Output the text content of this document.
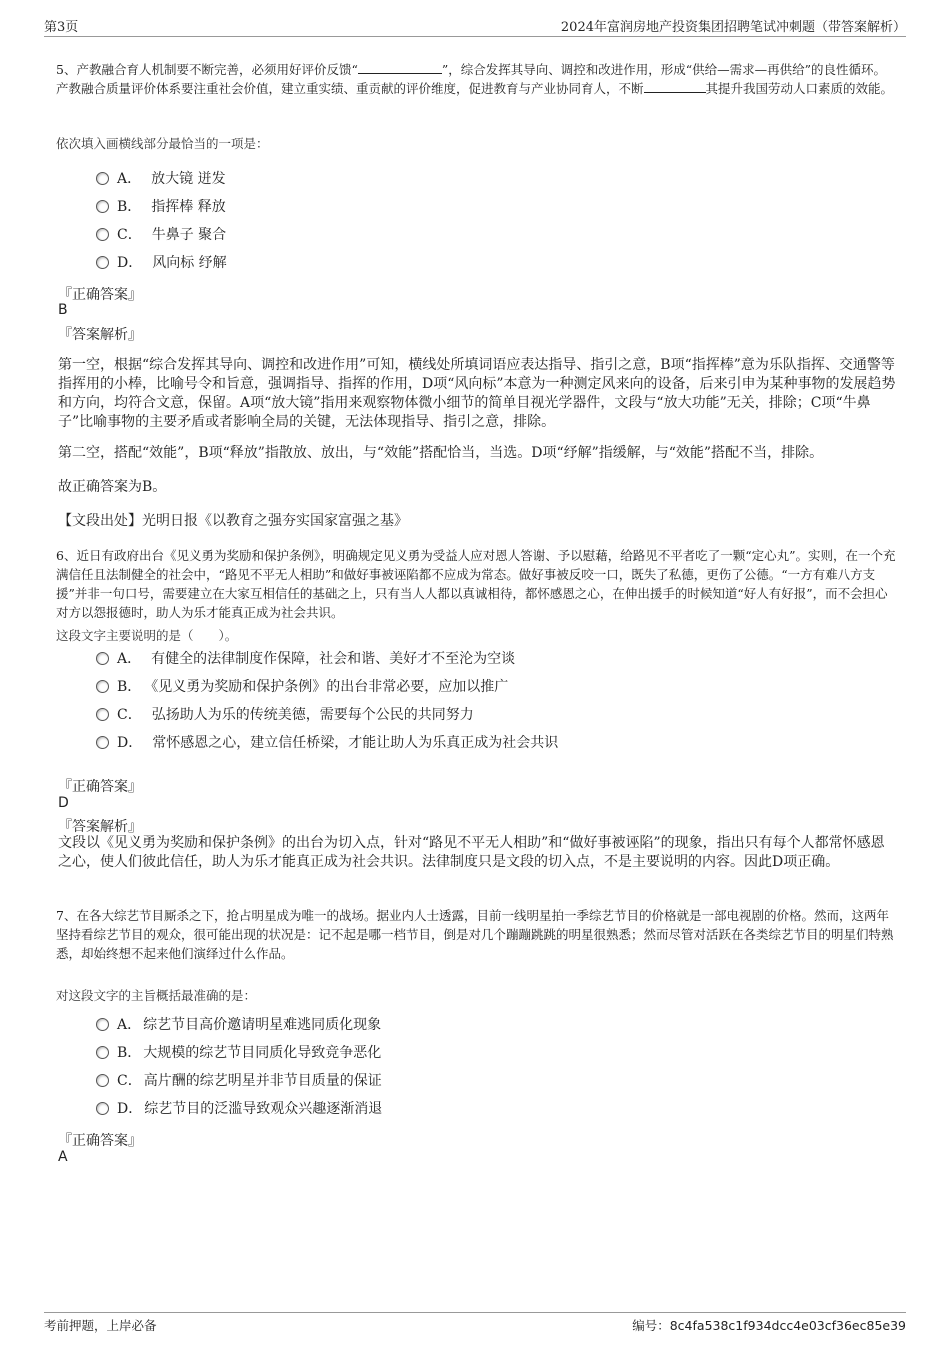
第3页	2024年富润房地产投资集团招聘笔试冲刺题（带答案解析）
5、产教融合育人机制要不断完善，必须用好评价反馈“	”，综合发挥其导向、调控和改进作用，形成“供给—需求—再供给”的良性循环。产教融合质量评价体系要注重社会价值，建立重实绩、重贡献的评价维度，促进教育与产业协同育人，不断	其提升我国劳动人口素质的效能。
依次填入画横线部分最恰当的一项是：
A． 放大镜 迸发
B． 指挥棒 释放
C． 牛鼻子 聚合
D． 风向标 纾解
『正确答案』
B
『答案解析』
第一空，根据“综合发挥其导向、调控和改进作用”可知，横线处所填词语应表达指导、指引之意，B项“指挥棒”意为乐队指挥、交通警等指挥用的小棒，比喻号令和旨意，强调指导、指挥的作用，D项“风向标”本意为一种测定风来向的设备，后来引申为某种事物的发展趋势和方向，均符合文意，保留。A项“放大镜”指用来观察物体微小细节的简单目视光学器件，文段与“放大功能”无关，排除；C项“牛鼻子”比喻事物的主要矛盾或者影响全局的关键，无法体现指导、指引之意，排除。
第二空，搭配“效能”，B项“释放”指散放、放出，与“效能”搭配恰当，当选。D项“纾解”指缓解，与“效能”搭配不当，排除。
故正确答案为B。
【文段出处】光明日报《以教育之强夯实国家富强之基》
6、近日有政府出台《见义勇为奖励和保护条例》，明确规定见义勇为受益人应对恩人答谢、予以慰藉，给路见不平者吃了一颗“定心丸”。实则，在一个充满信任且法制健全的社会中，“路见不平无人相助”和做好事被诬陷都不应成为常态。做好事被反咬一口，既失了私德，更伤了公德。“一方有难八方支援”并非一句口号，需要建立在大家互相信任的基础之上，只有当人人都以真诚相待，都怀感恩之心，在伸出援手的时候知道“好人有好报”，而不会担心对方以怨报德时，助人为乐才能真正成为社会共识。
这段文字主要说明的是（　　）。
A． 有健全的法律制度作保障，社会和谐、美好才不至沦为空谈
B． 《见义勇为奖励和保护条例》的出台非常必要，应加以推广
C． 弘扬助人为乐的传统美德，需要每个公民的共同努力
D． 常怀感恩之心，建立信任桥梁，才能让助人为乐真正成为社会共识
『正确答案』
D
『答案解析』
文段以《见义勇为奖励和保护条例》的出台为切入点，针对“路见不平无人相助”和“做好事被诬陷”的现象，指出只有每个人都常怀感恩之心，使人们彼此信任，助人为乐才能真正成为社会共识。法律制度只是文段的切入点，不是主要说明的内容。因此D项正确。
7、在各大综艺节目厮杀之下，抢占明星成为唯一的战场。据业内人士透露，目前一线明星拍一季综艺节目的价格就是一部电视剧的价格。然而，这两年坚持看综艺节目的观众，很可能出现的状况是：记不起是哪一档节目，倒是对几个蹦蹦跳跳的明星很熟悉；然而尽管对活跃在各类综艺节目的明星们特熟悉，却始终想不起来他们演绎过什么作品。
对这段文字的主旨概括最准确的是：
A． 综艺节目高价邀请明星难逃同质化现象
B． 大规模的综艺节目同质化导致竞争恶化
C． 高片酬的综艺明星并非节目质量的保证
D． 综艺节目的泛滥导致观众兴趣逐渐消退
『正确答案』
A
考前押题，上岸必备	编号：8c4fa538c1f934dcc4e03cf36ec85e39
